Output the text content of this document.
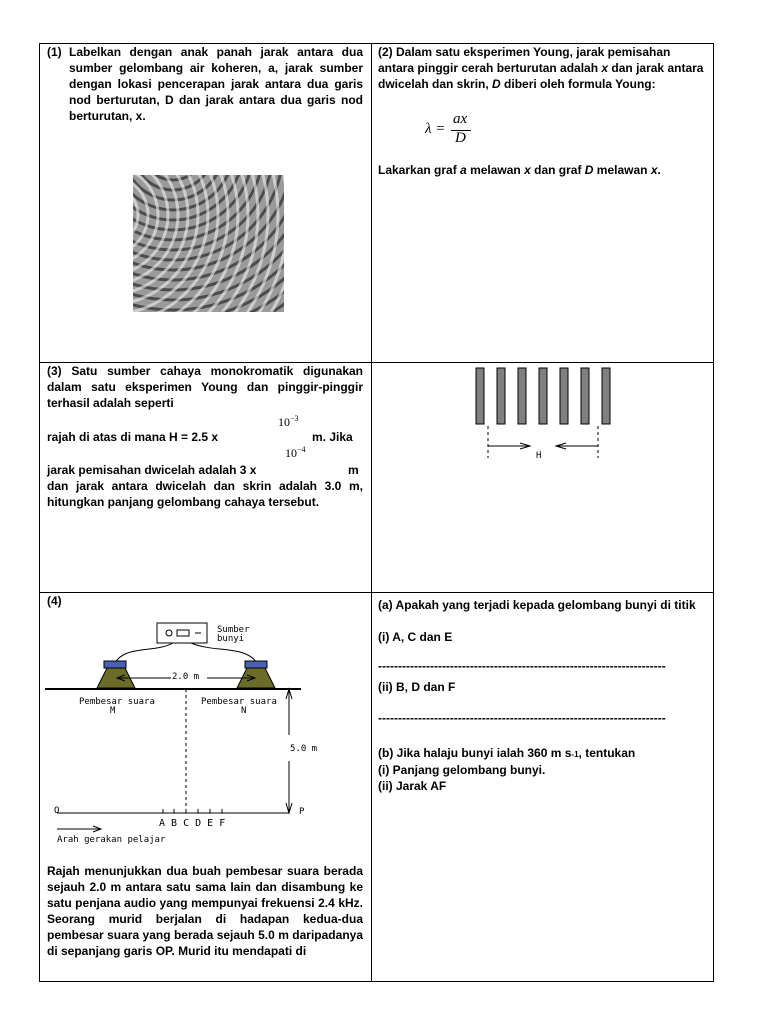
(1) Labelkan dengan anak panah jarak antara dua sumber gelombang air koheren, a, jarak sumber dengan lokasi pencerapan jarak antara dua garis nod berturutan, D dan jarak antara dua garis nod berturutan, x.
(2) Dalam satu eksperimen Young, jarak pemisahan antara pinggir cerah berturutan adalah x dan jarak antara dwicelah dan skrin, D diberi oleh formula Young:
λ =
ax
D
Lakarkan graf a melawan x dan graf D melawan x.
(3) Satu sumber cahaya monokromatik digunakan dalam satu eksperimen Young dan pinggir-pinggir terhasil adalah seperti
$10^{-3}$
rajah di atas di mana H = 2.5 x	m. Jika
$10^{-4}$
jarak pemisahan dwicelah adalah 3 x	m
dan jarak antara dwicelah dan skrin adalah 3.0 m, hitungkan panjang gelombang cahaya tersebut.
H
(4)
Sumber
bunyi
2.0 m
Pembesar suara
M
Pembesar suara
N
5.0 m
O	P
A B C D E F
Arah gerakan pelajar
Rajah menunjukkan dua buah pembesar suara berada sejauh 2.0 m antara satu sama lain dan disambung ke satu penjana audio yang mempunyai frekuensi 2.4 kHz. Seorang murid berjalan di hadapan kedua-dua pembesar suara yang berada sejauh 5.0 m daripadanya di sepanjang garis OP. Murid itu mendapati di
(a) Apakah yang terjadi kepada gelombang bunyi di titik
(i) A, C dan E
------------------------------------------------------------------------
(ii) B, D dan F
------------------------------------------------------------------------
(b) Jika halaju bunyi ialah 360 m s-1, tentukan
(i) Panjang gelombang bunyi.
(ii) Jarak AF
